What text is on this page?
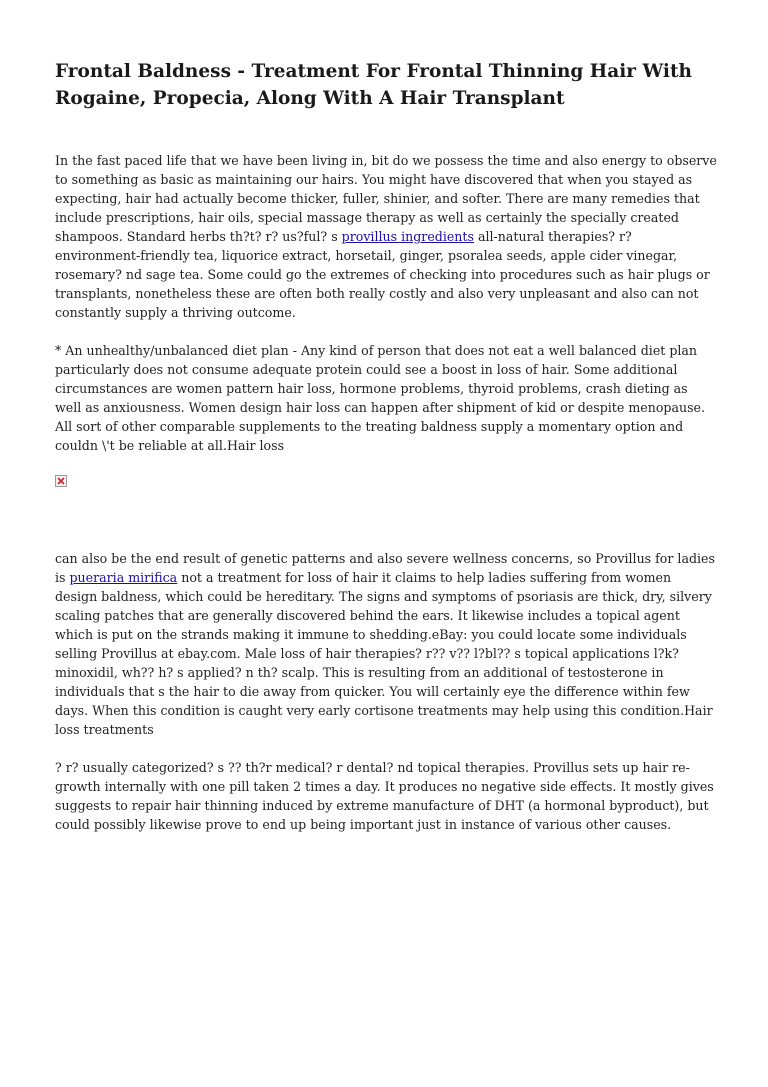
Frontal Baldness - Treatment For Frontal Thinning Hair With Rogaine, Propecia, Along With A Hair Transplant

In the fast paced life that we have been living in, bit do we possess the time and also energy to observe to something as basic as maintaining our hairs. You might have discovered that when you stayed as expecting, hair had actually become thicker, fuller, shinier, and softer. There are many remedies that include prescriptions, hair oils, special massage therapy as well as certainly the specially created shampoos. Standard herbs th?t? r? us?ful? s provillus ingredients all-natural therapies? r? environment-friendly tea, liquorice extract, horsetail, ginger, psoralea seeds, apple cider vinegar, rosemary? nd sage tea. Some could go the extremes of checking into procedures such as hair plugs or transplants, nonetheless these are often both really costly and also very unpleasant and also can not constantly supply a thriving outcome.

* An unhealthy/unbalanced diet plan - Any kind of person that does not eat a well balanced diet plan particularly does not consume adequate protein could see a boost in loss of hair. Some additional circumstances are women pattern hair loss, hormone problems, thyroid problems, crash dieting as well as anxiousness. Women design hair loss can happen after shipment of kid or despite menopause. All sort of other comparable supplements to the treating baldness supply a momentary option and couldn \'t be reliable at all.Hair loss

can also be the end result of genetic patterns and also severe wellness concerns, so Provillus for ladies is pueraria mirifica not a treatment for loss of hair it claims to help ladies suffering from women design baldness, which could be hereditary. The signs and symptoms of psoriasis are thick, dry, silvery scaling patches that are generally discovered behind the ears. It likewise includes a topical agent which is put on the strands making it immune to shedding.eBay: you could locate some individuals selling Provillus at ebay.com. Male loss of hair therapies? r?? v?? l?bl?? s topical applications l?k? minoxidil, wh?? h? s applied? n th? scalp. This is resulting from an additional of testosterone in individuals that s the hair to die away from quicker. You will certainly eye the difference within few days. When this condition is caught very early cortisone treatments may help using this condition.Hair loss treatments

? r? usually categorized? s ?? th?r medical? r dental? nd topical therapies. Provillus sets up hair re-growth internally with one pill taken 2 times a day. It produces no negative side effects. It mostly gives suggests to repair hair thinning induced by extreme manufacture of DHT (a hormonal byproduct), but could possibly likewise prove to end up being important just in instance of various other causes.
